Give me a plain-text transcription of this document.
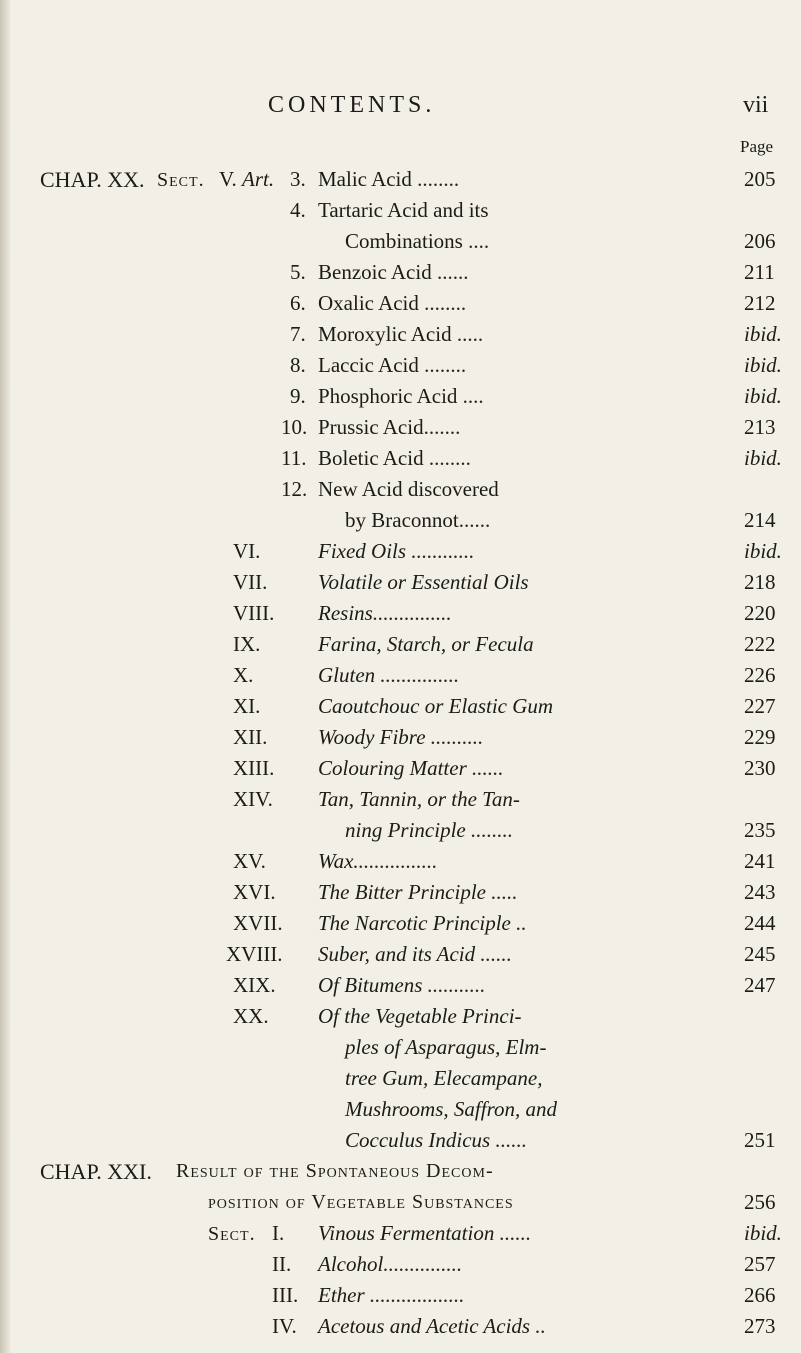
CONTENTS.	vii
Page
CHAP. XX. Sect. V. Art. 3. Malic Acid ........	205
4. Tartaric Acid and its
Combinations ....	206
5. Benzoic Acid ......	211
6. Oxalic Acid ........	212
7. Moroxylic Acid .....	ibid.
8. Laccic Acid ........	ibid.
9. Phosphoric Acid ....	ibid.
10. Prussic Acid.......	213
11. Boletic Acid ........	ibid.
12. New Acid discovered
by Braconnot......	214
VI.	Fixed Oils ............	ibid.
VII. Volatile or Essential Oils	218
VIII. Resins...............	220
IX.	Farina, Starch, or Fecula	222
X.	Gluten ...............	226
XI.	Caoutchouc or Elastic Gum	227
XII. Woody Fibre ..........	229
XIII. Colouring Matter ......	230
XIV. Tan, Tannin, or the Tan-
ning Principle ........	235
XV. Wax................	241
XVI. The Bitter Principle .....	243
XVII. The Narcotic Principle ..	244
XVIII. Suber, and its Acid ......	245
XIX. Of Bitumens ...........	247
XX. Of the Vegetable Princi-
ples of Asparagus, Elm-
tree Gum, Elecampane,
Mushrooms, Saffron, and
Cocculus Indicus ......	251
CHAP. XXI. Result of the Spontaneous Decom-
position of Vegetable Substances	256
Sect. I. Vinous Fermentation ......	ibid.
II. Alcohol...............	257
III. Ether ..................	266
IV. Acetous and Acetic Acids ..	273
